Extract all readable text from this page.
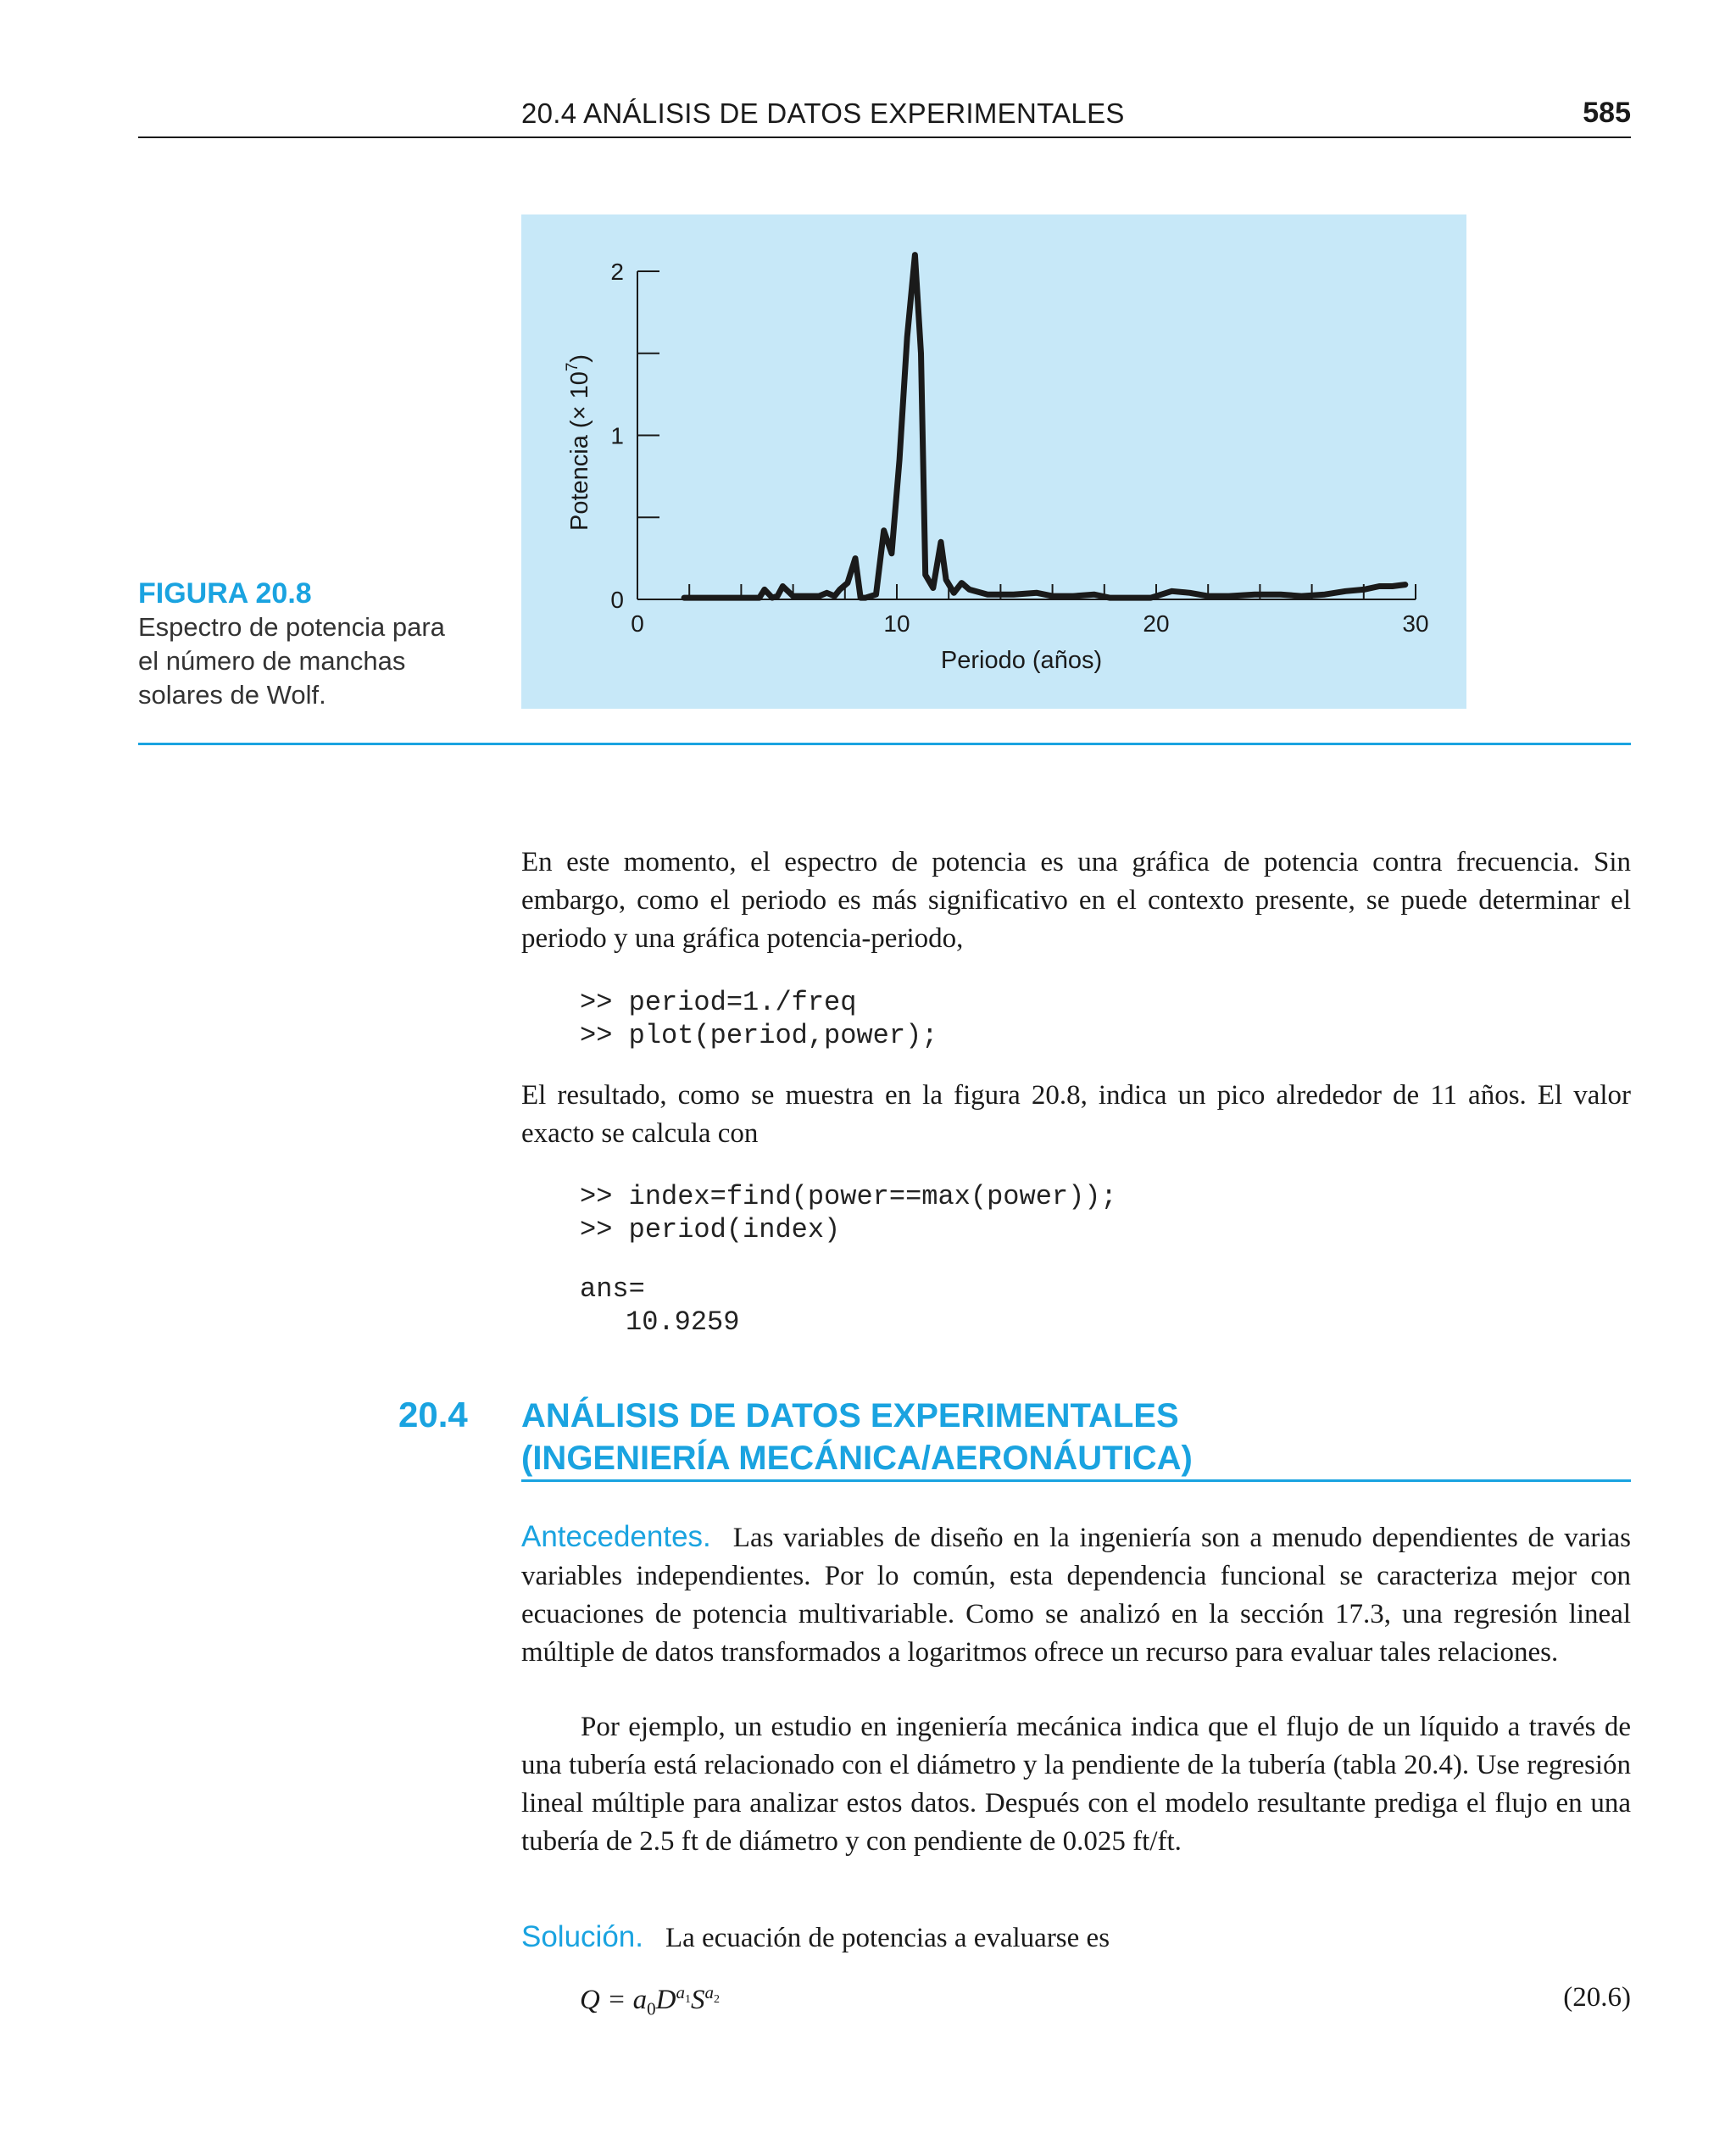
20.4 ANÁLISIS DE DATOS EXPERIMENTALES	585
0	10	20	30
0
1
2
Periodo (años)
Potencia (× $10^7$)
FIGURA 20.8
Espectro de potencia para
el número de manchas
solares de Wolf.
En este momento, el espectro de potencia es una gráfica de potencia contra frecuencia. Sin embargo, como el periodo es más significativo en el contexto presente, se puede determinar el periodo y una gráfica potencia-periodo,
>> period=1./freq
>> plot(period,power);
El resultado, como se muestra en la figura 20.8, indica un pico alrededor de 11 años. El valor exacto se calcula con
>> index=find(power==max(power));
>> period(index)
ans=
10.9259
20.4 ANÁLISIS DE DATOS EXPERIMENTALES
(INGENIERÍA MECÁNICA/AERONÁUTICA)
Antecedentes. Las variables de diseño en la ingeniería son a menudo dependientes de varias variables independientes. Por lo común, esta dependencia funcional se caracteriza mejor con ecuaciones de potencia multivariable. Como se analizó en la sección 17.3, una regresión lineal múltiple de datos transformados a logaritmos ofrece un recurso para evaluar tales relaciones.
Por ejemplo, un estudio en ingeniería mecánica indica que el flujo de un líquido a través de una tubería está relacionado con el diámetro y la pendiente de la tubería (tabla 20.4). Use regresión lineal múltiple para analizar estos datos. Después con el modelo resultante prediga el flujo en una tubería de 2.5 ft de diámetro y con pendiente de 0.025 ft/ft.
Solución. La ecuación de potencias a evaluarse es
$Q = a_0D^{a_1}S^{a_2}$	(20.6)
